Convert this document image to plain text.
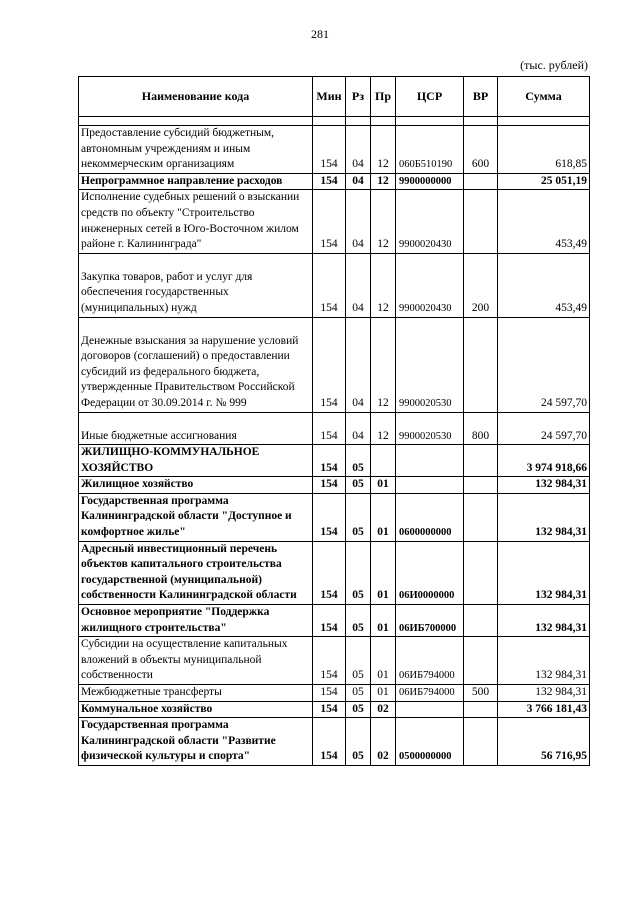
281
(тыс. рублей)
Наименование кода	Мин	Рз	Пр	ЦСР	ВР	Сумма

Предоставление субсидий бюджетным, автономным учреждениям и иным некоммерческим организациям	154	04	12	060Б510190	600	618,85
Непрограммное направление расходов	154	04	12	9900000000		25 051,19
Исполнение судебных решений о взыскании средств по объекту "Строительство инженерных сетей в Юго-Восточном жилом районе г. Калининграда"	154	04	12	9900020430		453,49
Закупка товаров, работ и услуг для обеспечения государственных (муниципальных) нужд	154	04	12	9900020430	200	453,49
Денежные взыскания за нарушение условий договоров (соглашений) о предоставлении субсидий из федерального бюджета, утвержденные Правительством Российской Федерации от 30.09.2014 г. № 999	154	04	12	9900020530		24 597,70
Иные бюджетные ассигнования	154	04	12	9900020530	800	24 597,70
ЖИЛИЩНО-КОММУНАЛЬНОЕ ХОЗЯЙСТВО	154	05				3 974 918,66
Жилищное хозяйство	154	05	01			132 984,31
Государственная программа Калининградской области "Доступное и комфортное жилье"	154	05	01	0600000000		132 984,31
Адресный инвестиционный перечень объектов капитального строительства государственной (муниципальной) собственности Калининградской области	154	05	01	06И0000000		132 984,31
Основное мероприятие "Поддержка жилищного строительства"	154	05	01	06ИБ700000		132 984,31
Субсидии на осуществление капитальных вложений в объекты муниципальной собственности	154	05	01	06ИБ794000		132 984,31
Межбюджетные трансферты	154	05	01	06ИБ794000	500	132 984,31
Коммунальное хозяйство	154	05	02			3 766 181,43
Государственная программа Калининградской области "Развитие физической культуры и спорта"	154	05	02	0500000000		56 716,95
